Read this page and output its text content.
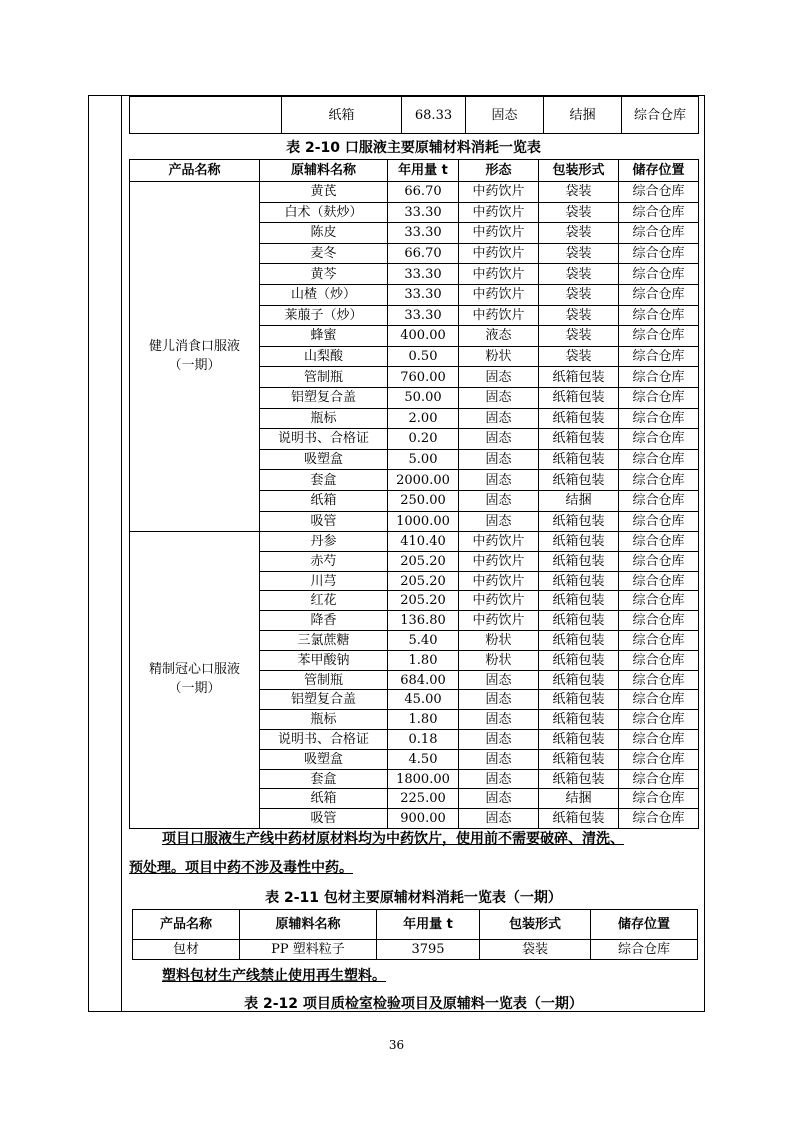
	纸箱	68.33	固态	结捆	综合仓库
表 2-10 口服液主要原辅材料消耗一览表
产品名称	原辅料名称	年用量 t	形态	包装形式	储存位置

健儿消食口服液
（一期）	黄芪	66.70	中药饮片	袋装	综合仓库
	白术（麸炒）	33.30	中药饮片	袋装	综合仓库
	陈皮	33.30	中药饮片	袋装	综合仓库
	麦冬	66.70	中药饮片	袋装	综合仓库
	黄芩	33.30	中药饮片	袋装	综合仓库
	山楂（炒）	33.30	中药饮片	袋装	综合仓库
	莱菔子（炒）	33.30	中药饮片	袋装	综合仓库
	蜂蜜	400.00	液态	袋装	综合仓库
	山梨酸	0.50	粉状	袋装	综合仓库
	管制瓶	760.00	固态	纸箱包装	综合仓库
	铝塑复合盖	50.00	固态	纸箱包装	综合仓库
	瓶标	2.00	固态	纸箱包装	综合仓库
	说明书、合格证	0.20	固态	纸箱包装	综合仓库
	吸塑盒	5.00	固态	纸箱包装	综合仓库
	套盒	2000.00	固态	纸箱包装	综合仓库
	纸箱	250.00	固态	结捆	综合仓库
	吸管	1000.00	固态	纸箱包装	综合仓库

精制冠心口服液
（一期）	丹参	410.40	中药饮片	纸箱包装	综合仓库
	赤芍	205.20	中药饮片	纸箱包装	综合仓库
	川芎	205.20	中药饮片	纸箱包装	综合仓库
	红花	205.20	中药饮片	纸箱包装	综合仓库
	降香	136.80	中药饮片	纸箱包装	综合仓库
	三氯蔗糖	5.40	粉状	纸箱包装	综合仓库
	苯甲酸钠	1.80	粉状	纸箱包装	综合仓库
	管制瓶	684.00	固态	纸箱包装	综合仓库
	铝塑复合盖	45.00	固态	纸箱包装	综合仓库
	瓶标	1.80	固态	纸箱包装	综合仓库
	说明书、合格证	0.18	固态	纸箱包装	综合仓库
	吸塑盒	4.50	固态	纸箱包装	综合仓库
	套盒	1800.00	固态	纸箱包装	综合仓库
	纸箱	225.00	固态	结捆	综合仓库
	吸管	900.00	固态	纸箱包装	综合仓库
项目口服液生产线中药材原材料均为中药饮片，使用前不需要破碎、清洗、
预处理。项目中药不涉及毒性中药。
表 2-11 包材主要原辅材料消耗一览表（一期）
产品名称	原辅料名称	年用量 t	包装形式	储存位置
包材	PP 塑料粒子	3795	袋装	综合仓库
塑料包材生产线禁止使用再生塑料。
表 2-12 项目质检室检验项目及原辅料一览表（一期）
36
